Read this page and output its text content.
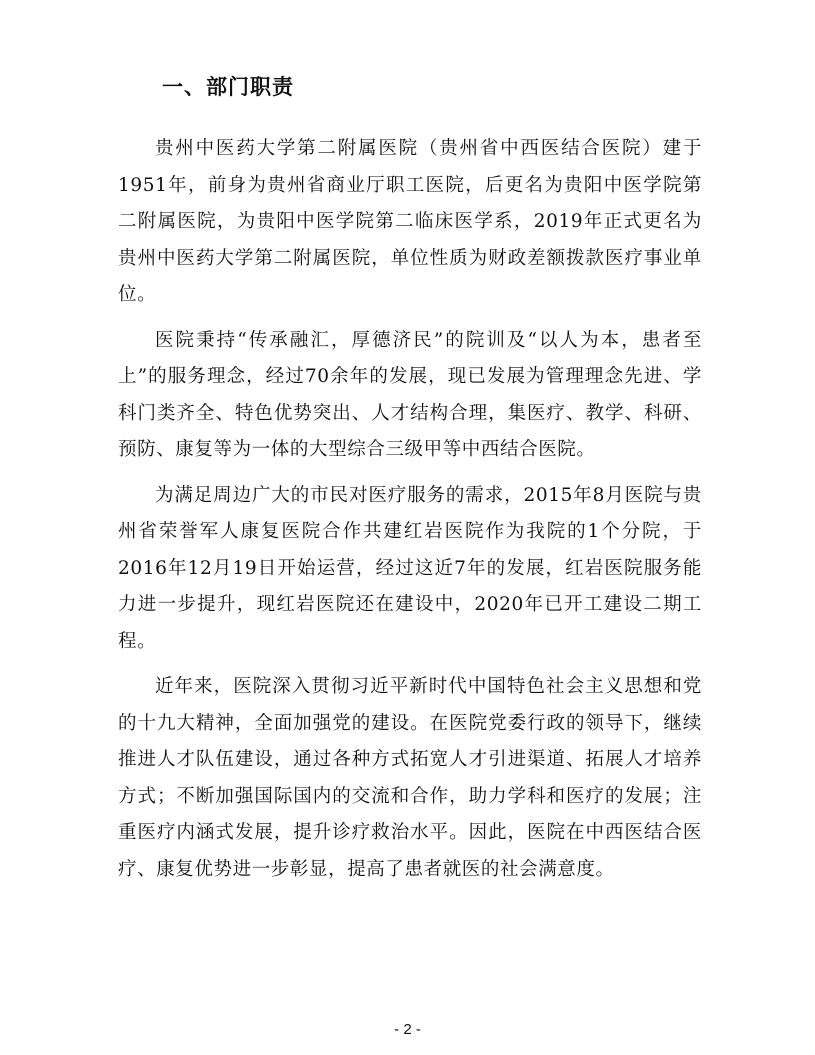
一、部门职责

贵州中医药大学第二附属医院（贵州省中西医结合医院）建于1951年，前身为贵州省商业厅职工医院，后更名为贵阳中医学院第二附属医院，为贵阳中医学院第二临床医学系，2019年正式更名为贵州中医药大学第二附属医院，单位性质为财政差额拨款医疗事业单位。

医院秉持“传承融汇，厚德济民”的院训及“以人为本，患者至上”的服务理念，经过70余年的发展，现已发展为管理理念先进、学科门类齐全、特色优势突出、人才结构合理，集医疗、教学、科研、预防、康复等为一体的大型综合三级甲等中西结合医院。

为满足周边广大的市民对医疗服务的需求，2015年8月医院与贵州省荣誉军人康复医院合作共建红岩医院作为我院的1个分院，于2016年12月19日开始运营，经过这近7年的发展，红岩医院服务能力进一步提升，现红岩医院还在建设中，2020年已开工建设二期工程。

近年来，医院深入贯彻习近平新时代中国特色社会主义思想和党的十九大精神，全面加强党的建设。在医院党委行政的领导下，继续推进人才队伍建设，通过各种方式拓宽人才引进渠道、拓展人才培养方式；不断加强国际国内的交流和合作，助力学科和医疗的发展；注重医疗内涵式发展，提升诊疗救治水平。因此，医院在中西医结合医疗、康复优势进一步彰显，提高了患者就医的社会满意度。

- 2 -
